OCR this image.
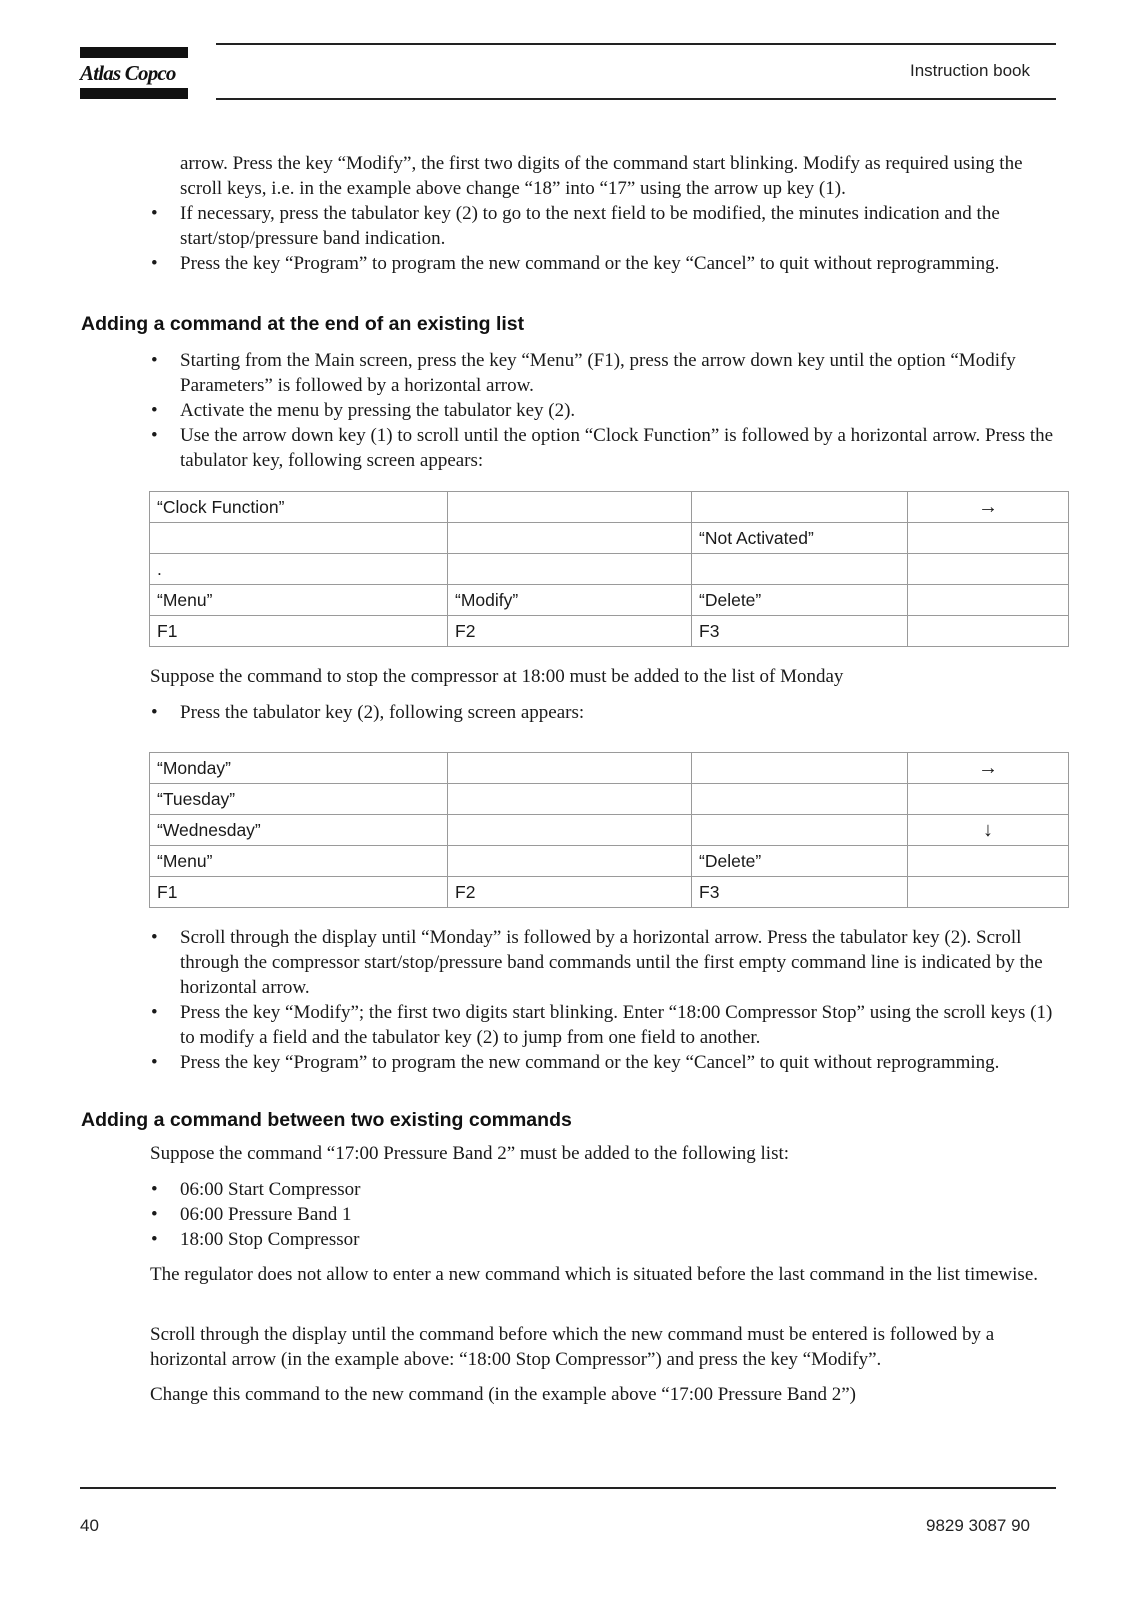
Atlas Copco	Instruction book
arrow. Press the key “Modify”, the first two digits of the command start blinking. Modify as required using the scroll keys, i.e. in the example above change “18” into “17” using the arrow up key (1).
• If necessary, press the tabulator key (2) to go to the next field to be modified, the minutes indication and the start/stop/pressure band indication.
• Press the key “Program” to program the new command or the key “Cancel” to quit without reprogramming.
Adding a command at the end of an existing list
• Starting from the Main screen, press the key “Menu” (F1), press the arrow down key until the option “Modify Parameters” is followed by a horizontal arrow.
• Activate the menu by pressing the tabulator key (2).
• Use the arrow down key (1) to scroll until the option “Clock Function” is followed by a horizontal arrow. Press the tabulator key, following screen appears:
“Clock Function”			→
		“Not Activated”	
.			
“Menu”	“Modify”	“Delete”	
F1	F2	F3	
Suppose the command to stop the compressor at 18:00 must be added to the list of Monday
• Press the tabulator key (2), following screen appears:
“Monday”			→
“Tuesday”			
“Wednesday”			↓
“Menu”		“Delete”	
F1	F2	F3	
• Scroll through the display until “Monday” is followed by a horizontal arrow. Press the tabulator key (2). Scroll through the compressor start/stop/pressure band commands until the first empty command line is indicated by the horizontal arrow.
• Press the key “Modify”; the first two digits start blinking. Enter “18:00 Compressor Stop” using the scroll keys (1) to modify a field and the tabulator key (2) to jump from one field to another.
• Press the key “Program” to program the new command or the key “Cancel” to quit without reprogramming.
Adding a command between two existing commands
Suppose the command “17:00 Pressure Band 2” must be added to the following list:
• 06:00 Start Compressor
• 06:00 Pressure Band 1
• 18:00 Stop Compressor
The regulator does not allow to enter a new command which is situated before the last command in the list timewise.
Scroll through the display until the command before which the new command must be entered is followed by a horizontal arrow (in the example above: “18:00 Stop Compressor”) and press the key “Modify”.
Change this command to the new command (in the example above “17:00 Pressure Band 2”)
40	9829 3087 90
